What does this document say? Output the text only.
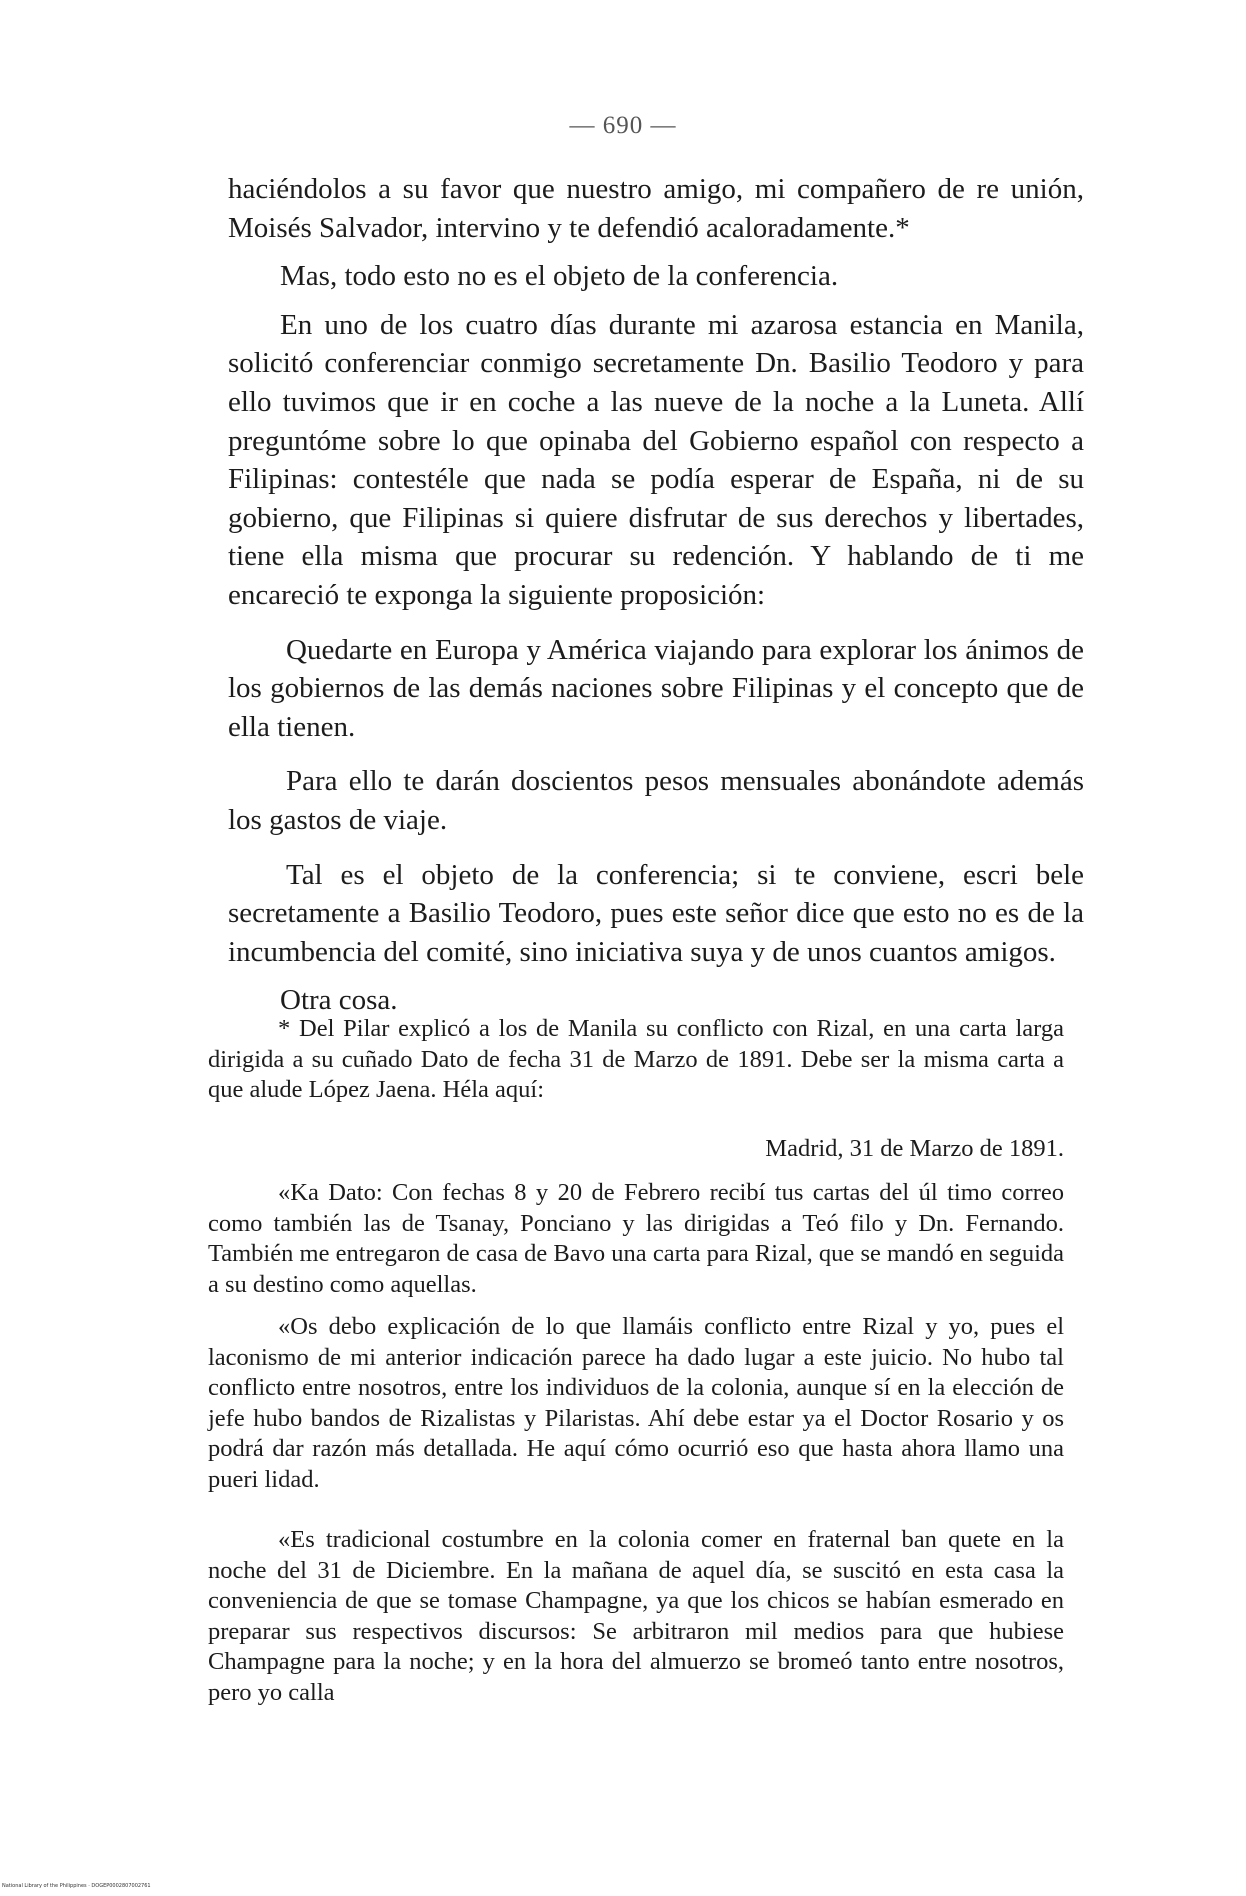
— 690 —

haciéndolos a su favor que nuestro amigo, mi compañero de re unión, Moisés Salvador, intervino y te defendió acaloradamente.*

Mas, todo esto no es el objeto de la conferencia.

En uno de los cuatro días durante mi azarosa estancia en Manila, solicitó conferenciar conmigo secretamente Dn. Basilio Teodoro y para ello tuvimos que ir en coche a las nueve de la noche a la Luneta. Allí preguntóme sobre lo que opinaba del Gobierno español con respecto a Filipinas: contestéle que nada se podía esperar de España, ni de su gobierno, que Filipinas si quiere disfrutar de sus derechos y libertades, tiene ella misma que procurar su redención. Y hablando de ti me encareció te exponga la siguiente proposición:

Quedarte en Europa y América viajando para explorar los ánimos de los gobiernos de las demás naciones sobre Filipinas y el concepto que de ella tienen.

Para ello te darán doscientos pesos mensuales abonándote además los gastos de viaje.

Tal es el objeto de la conferencia; si te conviene, escri bele secretamente a Basilio Teodoro, pues este señor dice que esto no es de la incumbencia del comité, sino iniciativa suya y de unos cuantos amigos.

Otra cosa.

* Del Pilar explicó a los de Manila su conflicto con Rizal, en una carta larga dirigida a su cuñado Dato de fecha 31 de Marzo de 1891. Debe ser la misma carta a que alude López Jaena. Héla aquí:

Madrid, 31 de Marzo de 1891.

«Ka Dato: Con fechas 8 y 20 de Febrero recibí tus cartas del úl timo correo como también las de Tsanay, Ponciano y las dirigidas a Teó filo y Dn. Fernando. También me entregaron de casa de Bavo una carta para Rizal, que se mandó en seguida a su destino como aquellas.

«Os debo explicación de lo que llamáis conflicto entre Rizal y yo, pues el laconismo de mi anterior indicación parece ha dado lugar a este juicio. No hubo tal conflicto entre nosotros, entre los individuos de la colonia, aunque sí en la elección de jefe hubo bandos de Rizalistas y Pilaristas. Ahí debe estar ya el Doctor Rosario y os podrá dar razón más detallada. He aquí cómo ocurrió eso que hasta ahora llamo una pueri lidad.

«Es tradicional costumbre en la colonia comer en fraternal ban quete en la noche del 31 de Diciembre. En la mañana de aquel día, se suscitó en esta casa la conveniencia de que se tomase Champagne, ya que los chicos se habían esmerado en preparar sus respectivos discursos: Se arbitraron mil medios para que hubiese Champagne para la noche; y en la hora del almuerzo se bromeó tanto entre nosotros, pero yo calla

National Library of the Philippines · DOGEP0002807002761
